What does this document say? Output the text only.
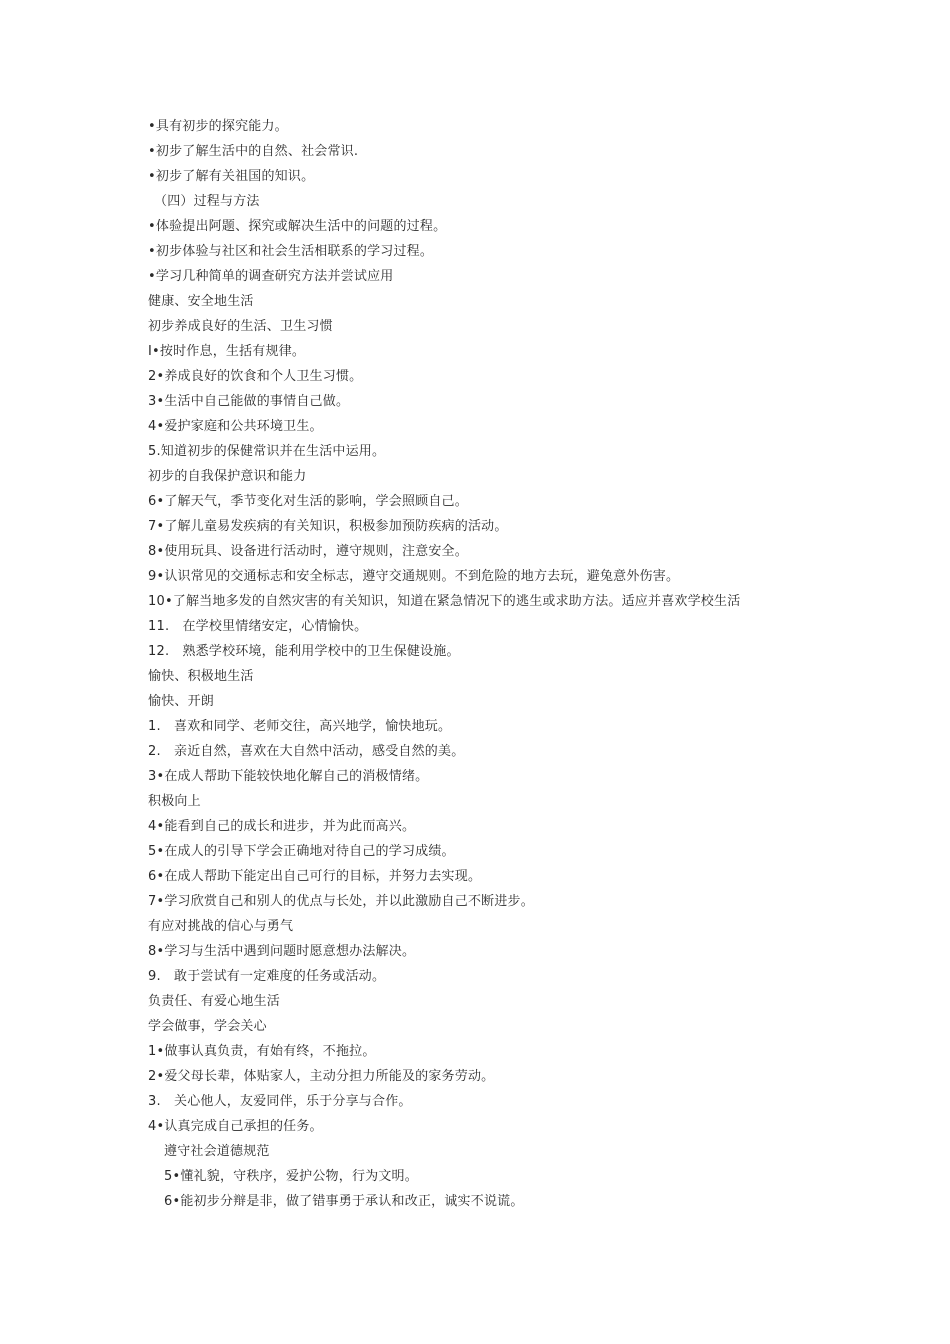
•具有初步的探究能力。
•初步了解生活中的自然、社会常识.
•初步了解有关祖国的知识。
（四）过程与方法
•体验提出阿题、探究或解决生活中的问题的过程。
•初步体验与社区和社会生活相联系的学习过程。
•学习几种简单的调查研究方法并尝试应用
健康、安全地生活
初步养成良好的生活、卫生习惯
I•按时作息，生括有规律。
2•养成良好的饮食和个人卫生习惯。
3•生活中自己能做的事情自己做。
4•爱护家庭和公共环境卫生。
5.知道初步的保健常识并在生活中运用。
初步的自我保护意识和能力
6•了解天气，季节变化对生活的影响，学会照顾自己。
7•了解儿童易发疾病的有关知识，积极参加预防疾病的活动。
8•使用玩具、设备进行活动时，遵守规则，注意安全。
9•认识常见的交通标志和安全标志，遵守交通规则。不到危险的地方去玩，避兔意外伤害。
10•了解当地多发的自然灾害的有关知识，知道在紧急情况下的逃生或求助方法。适应并喜欢学校生活
11.　在学校里情绪安定，心情愉快。
12.　熟悉学校环境，能利用学校中的卫生保健设施。
愉快、积极地生活
愉快、开朗
1.　喜欢和同学、老师交往，高兴地学，愉快地玩。
2.　亲近自然，喜欢在大自然中活动，感受自然的美。
3•在成人帮助下能较快地化解自己的消极情绪。
积极向上
4•能看到自己的成长和进步，并为此而高兴。
5•在成人的引导下学会正确地对待自己的学习成绩。
6•在成人帮助下能定出自己可行的目标，并努力去实现。
7•学习欣赏自己和别人的优点与长处，并以此激励自己不断进步。
有应对挑战的信心与勇气
8•学习与生活中遇到问题时愿意想办法解决。
9.　敢于尝试有一定难度的任务或活动。
负责任、有爱心地生活
学会做事，学会关心
1•做事认真负责，有始有终，不拖拉。
2•爱父母长辈，体贴家人，主动分担力所能及的家务劳动。
3.　关心他人，友爱同伴，乐于分享与合作。
4•认真完成自己承担的任务。
遵守社会道德规范
5•懂礼貌，守秩序，爱护公物，行为文明。
6•能初步分辩是非，做了错事勇于承认和改正，诚实不说谎。
